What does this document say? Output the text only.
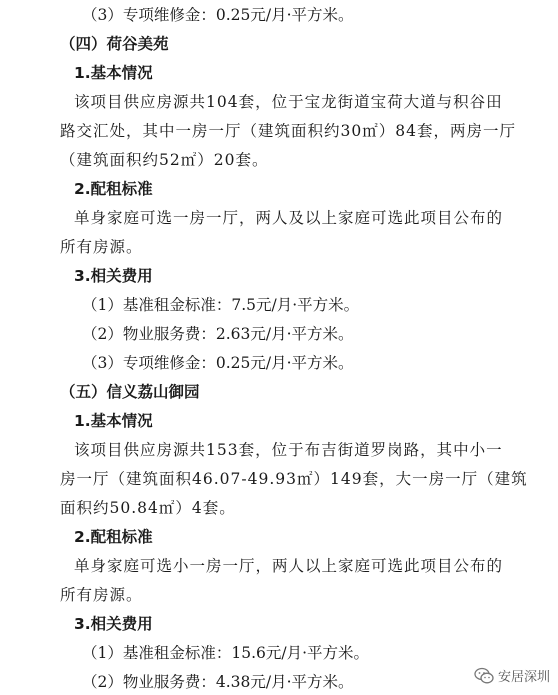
（3）专项维修金：0.25元/月·平方米。
（四）荷谷美苑
1.基本情况
该项目供应房源共104套，位于宝龙街道宝荷大道与积谷田
路交汇处，其中一房一厅（建筑面积约30㎡）84套，两房一厅
（建筑面积约52㎡）20套。
2.配租标准
单身家庭可选一房一厅，两人及以上家庭可选此项目公布的
所有房源。
3.相关费用
（1）基准租金标准：7.5元/月·平方米。
（2）物业服务费：2.63元/月·平方米。
（3）专项维修金：0.25元/月·平方米。
（五）信义荔山御园
1.基本情况
该项目供应房源共153套，位于布吉街道罗岗路，其中小一
房一厅（建筑面积46.07-49.93㎡）149套，大一房一厅（建筑
面积约50.84㎡）4套。
2.配租标准
单身家庭可选小一房一厅，两人以上家庭可选此项目公布的
所有房源。
3.相关费用
（1）基准租金标准：15.6元/月·平方米。
（2）物业服务费：4.38元/月·平方米。	安居深圳
